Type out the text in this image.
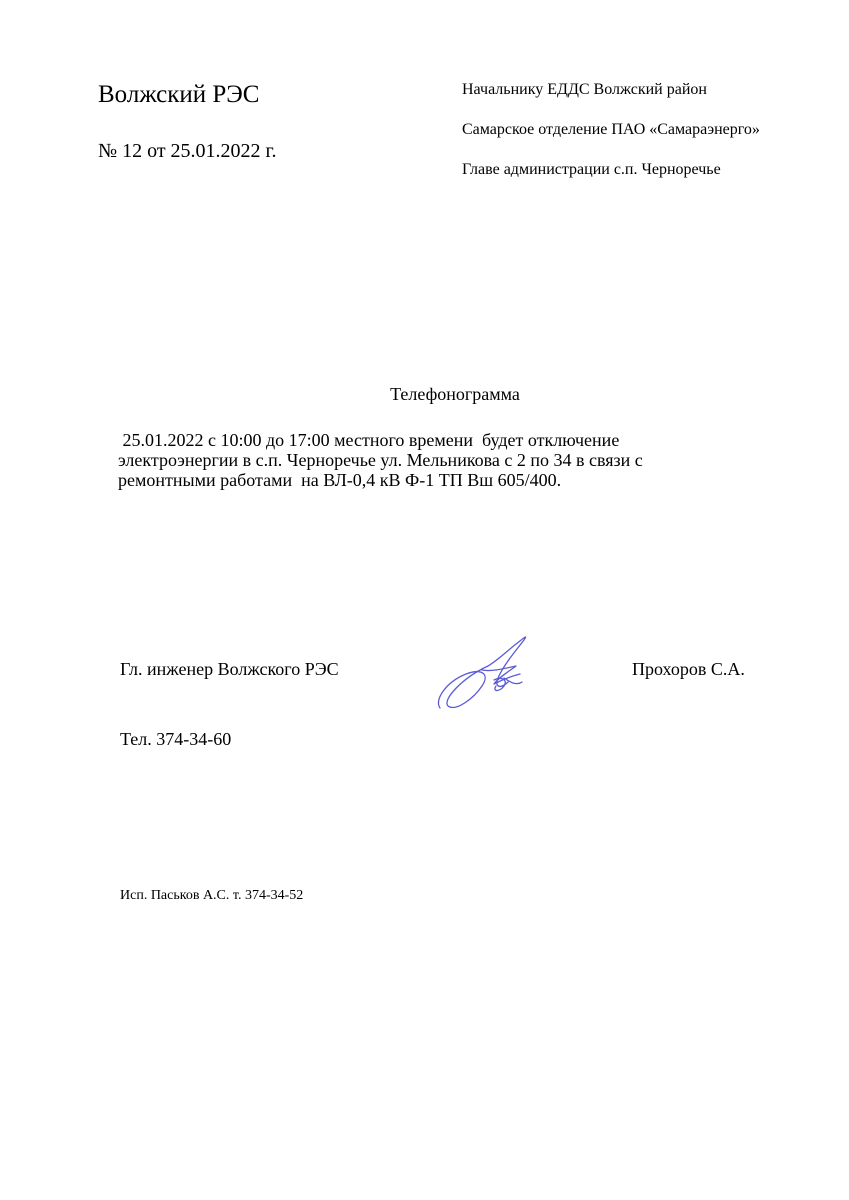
Волжский РЭС
№ 12 от 25.01.2022 г.
Начальнику ЕДДС Волжский район
Самарское отделение ПАО «Самараэнерго»
Главе администрации с.п. Черноречье
Телефонограмма
25.01.2022 с 10:00 до 17:00 местного времени  будет отключение
электроэнергии в с.п. Черноречье ул. Мельникова с 2 по 34 в связи с
ремонтными работами  на ВЛ-0,4 кВ Ф-1 ТП Вш 605/400.
Гл. инженер Волжского РЭС	Прохоров С.А.
Тел. 374-34-60
Исп. Паськов А.С. т. 374-34-52
